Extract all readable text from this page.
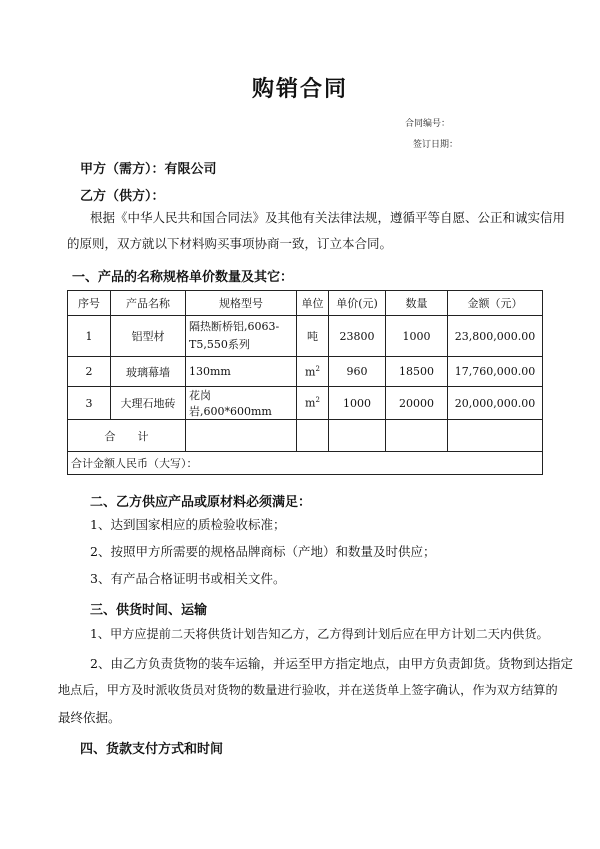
购销合同
合同编号：
签订日期：
甲方（需方）：有限公司
乙方（供方）：
根据《中华人民共和国合同法》及其他有关法律法规，遵循平等自愿、公正和诚实信用
的原则，双方就以下材料购买事项协商一致，订立本合同。
一、产品的名称规格单价数量及其它：
序号	产品名称	规格型号	单位	单价(元)	数量	金额（元）
1	铝型材	隔热断桥铝,6063-T5,550系列	吨	23800	1000	23,800,000.00
2	玻璃幕墙	130mm	$m^2$	960	18500	17,760,000.00
3	大理石地砖	花岗岩,600*600mm	$m^2$	1000	20000	20,000,000.00
合　　计						
合计金额人民币（大写）：						
二、乙方供应产品或原材料必须满足：
1、达到国家相应的质检验收标准；
2、按照甲方所需要的规格品牌商标（产地）和数量及时供应；
3、有产品合格证明书或相关文件。
三、供货时间、运输
1、甲方应提前二天将供货计划告知乙方，乙方得到计划后应在甲方计划二天内供货。
2、由乙方负责货物的装车运输，并运至甲方指定地点，由甲方负责卸货。货物到达指定
地点后，甲方及时派收货员对货物的数量进行验收，并在送货单上签字确认，作为双方结算的
最终依据。
四、货款支付方式和时间
